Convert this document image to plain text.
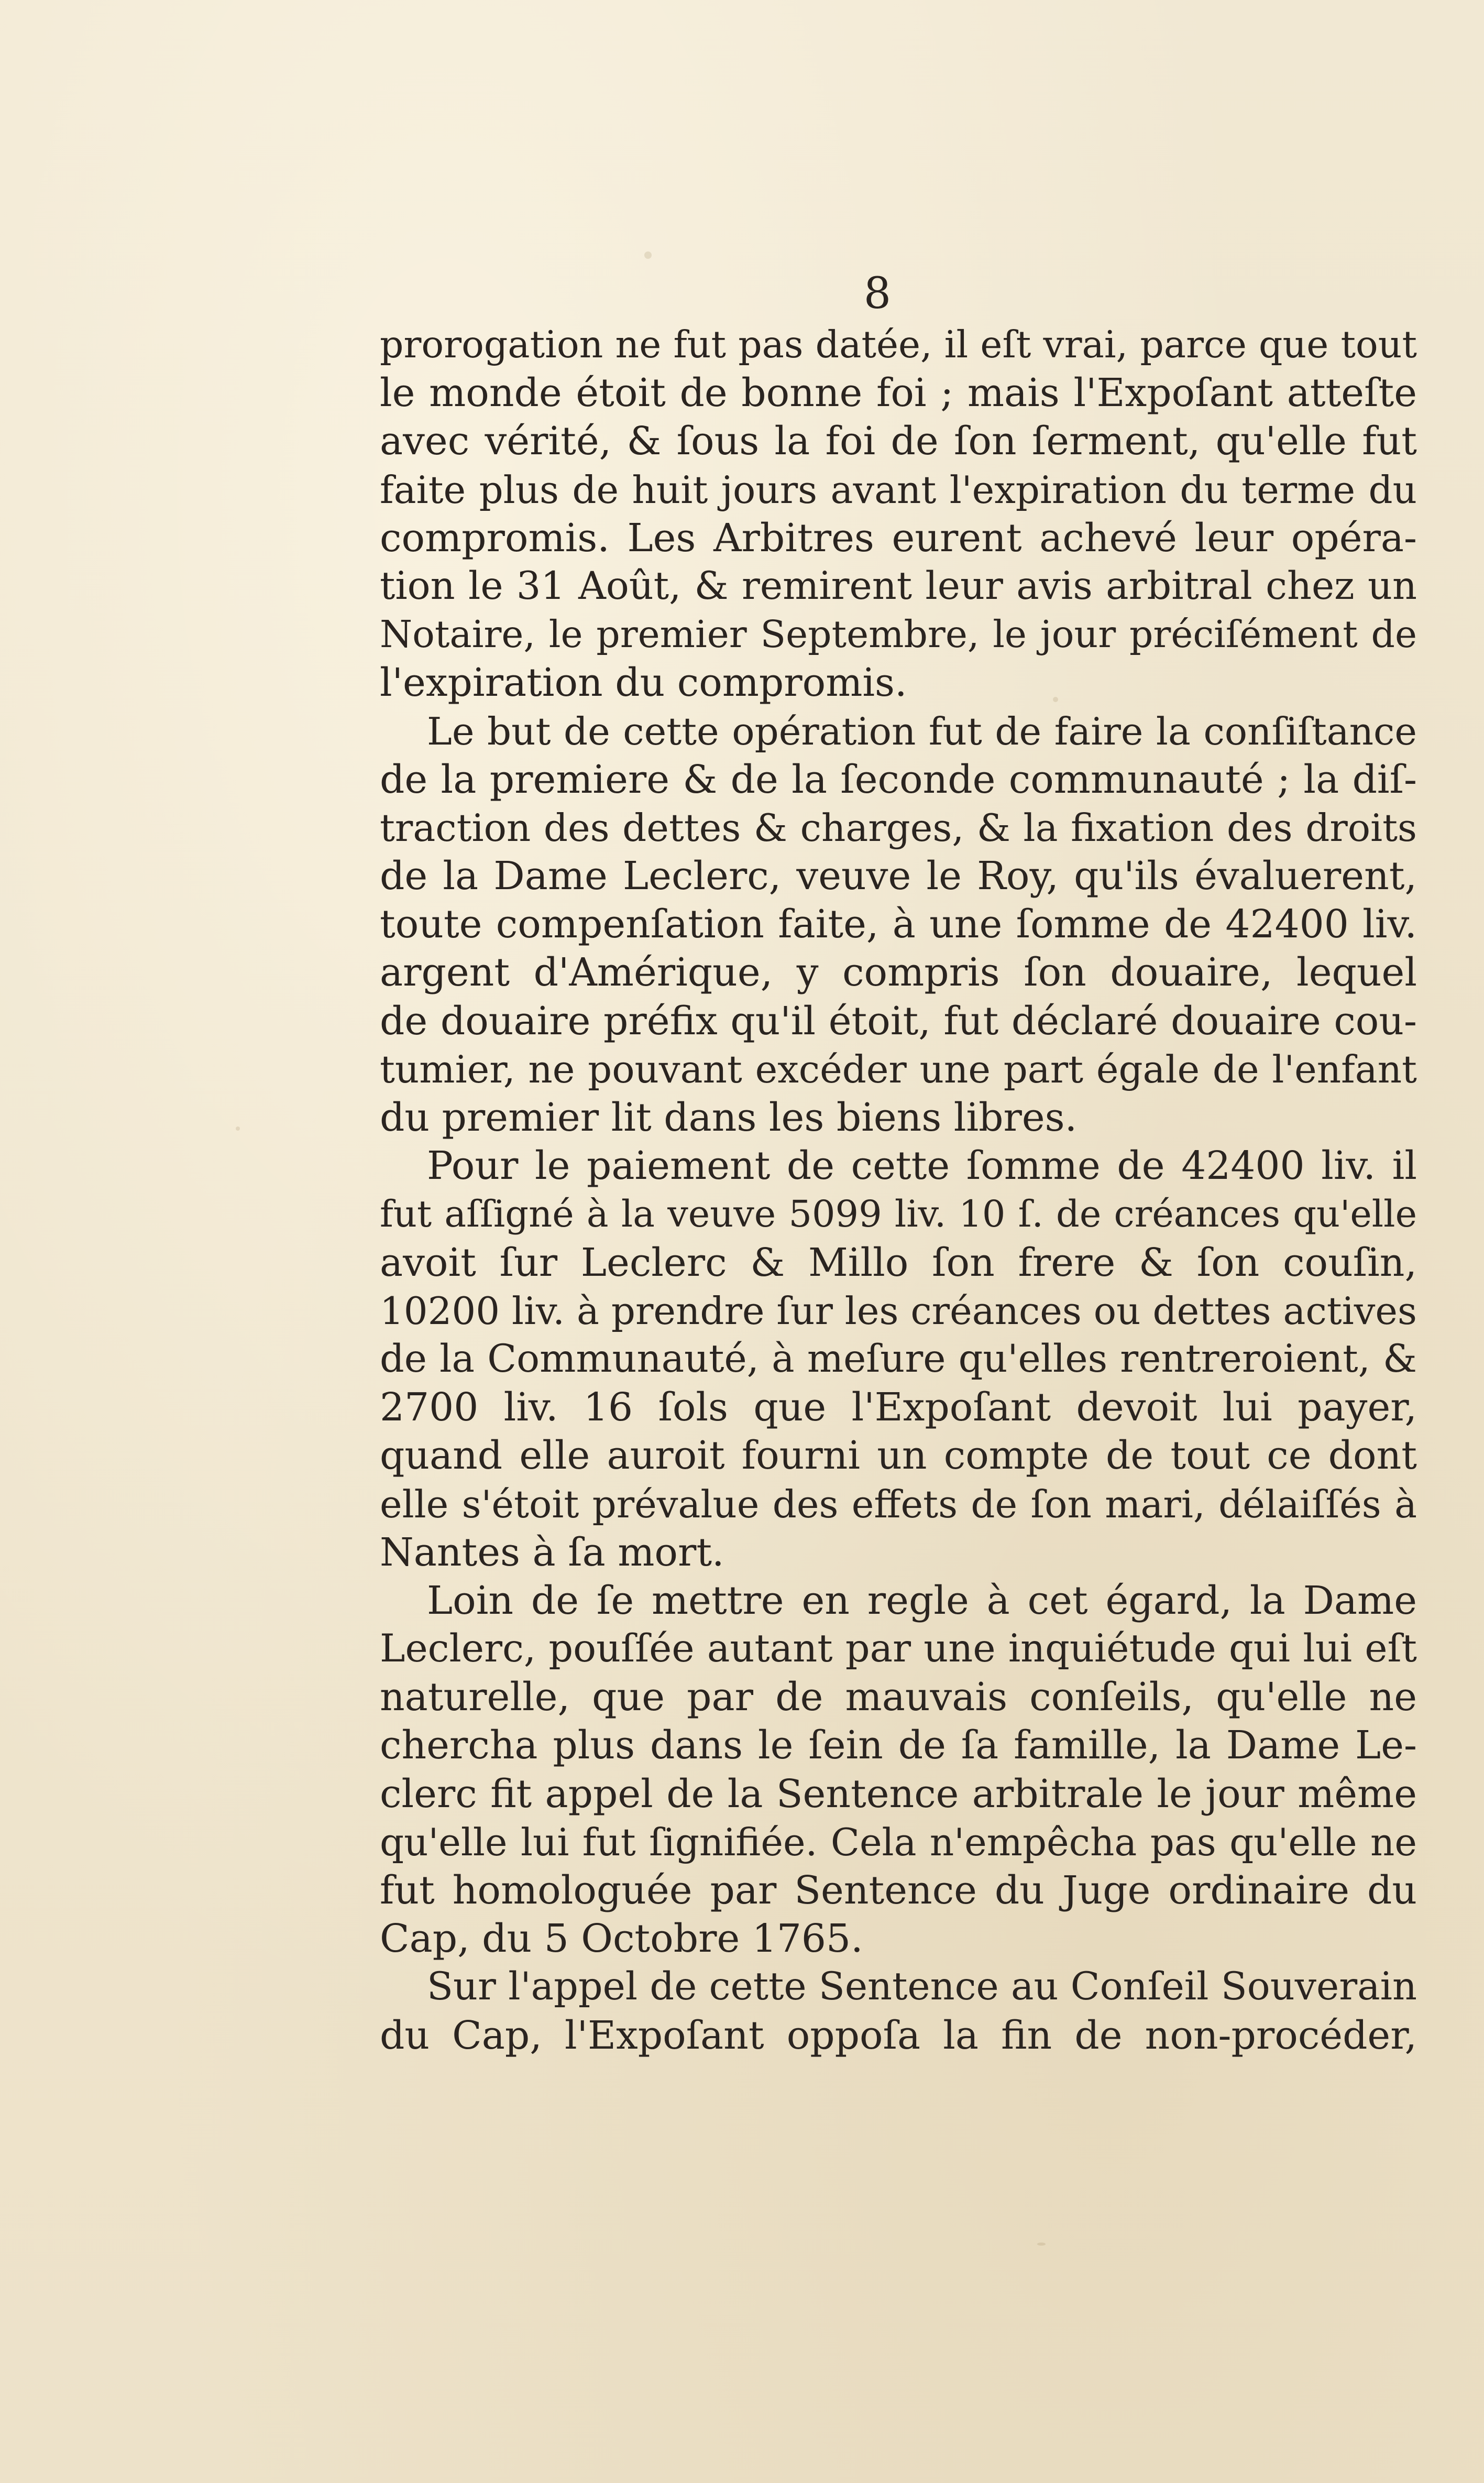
8
prorogation ne fut pas datée, il eſt vrai, parce que tout
le monde étoit de bonne foi ; mais l'Expoſant atteſte
avec vérité, & ſous la foi de ſon ſerment, qu'elle fut
faite plus de huit jours avant l'expiration du terme du
compromis. Les Arbitres eurent achevé leur opéra-
tion le 31 Août, & remirent leur avis arbitral chez un
Notaire, le premier Septembre, le jour préciſément de
l'expiration du compromis.
Le but de cette opération fut de faire la conſiſtance
de la premiere & de la ſeconde communauté ; la diſ-
traction des dettes & charges, & la fixation des droits
de la Dame Leclerc, veuve le Roy, qu'ils évaluerent,
toute compenſation faite, à une ſomme de 42400 liv.
argent d'Amérique, y compris ſon douaire, lequel
de douaire préfix qu'il étoit, fut déclaré douaire cou-
tumier, ne pouvant excéder une part égale de l'enfant
du premier lit dans les biens libres.
Pour le paiement de cette ſomme de 42400 liv. il
fut aſſigné à la veuve 5099 liv. 10 ſ. de créances qu'elle
avoit ſur Leclerc & Millo ſon frere & ſon couſin,
10200 liv. à prendre ſur les créances ou dettes actives
de la Communauté, à meſure qu'elles rentreroient, &
2700 liv. 16 ſols que l'Expoſant devoit lui payer,
quand elle auroit fourni un compte de tout ce dont
elle s'étoit prévalue des effets de ſon mari, délaiſſés à
Nantes à ſa mort.
Loin de ſe mettre en regle à cet égard, la Dame
Leclerc, pouſſée autant par une inquiétude qui lui eſt
naturelle, que par de mauvais conſeils, qu'elle ne
chercha plus dans le ſein de ſa famille, la Dame Le-
clerc fit appel de la Sentence arbitrale le jour même
qu'elle lui fut ſignifiée. Cela n'empêcha pas qu'elle ne
fut homologuée par Sentence du Juge ordinaire du
Cap, du 5 Octobre 1765.
Sur l'appel de cette Sentence au Conſeil Souverain
du Cap, l'Expoſant oppoſa la fin de non-procéder,
